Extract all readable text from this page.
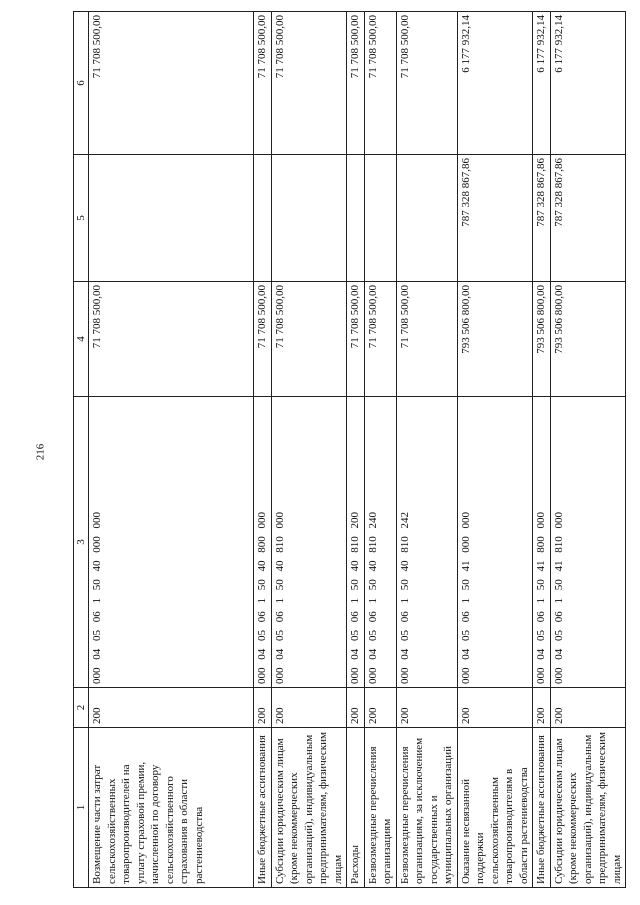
216
1	2	3	4	5	6
Возмещение части затрат сельскохозяйственных товаропроизводителей на уплату страховой премии, начисленной по договору сельскохозяйственного страхования в области растениеводства	200	000 04 05 06 1 50 40 000 000	71 708 500,00		71 708 500,00
Иные бюджетные ассигнования	200	000 04 05 06 1 50 40 800 000	71 708 500,00		71 708 500,00
Субсидии юридическим лицам (кроме некоммерческих организаций), индивидуальным предпринимателям, физическим лицам	200	000 04 05 06 1 50 40 810 000	71 708 500,00		71 708 500,00
Расходы	200	000 04 05 06 1 50 40 810 200	71 708 500,00		71 708 500,00
Безвозмездные перечисления организациям	200	000 04 05 06 1 50 40 810 240	71 708 500,00		71 708 500,00
Безвозмездные перечисления организациям, за исключением государственных и муниципальных организаций	200	000 04 05 06 1 50 40 810 242	71 708 500,00		71 708 500,00
Оказание несвязанной поддержки сельскохозяйственным товаропроизводителям в области растениеводства	200	000 04 05 06 1 50 41 000 000	793 506 800,00	787 328 867,86	6 177 932,14
Иные бюджетные ассигнования	200	000 04 05 06 1 50 41 800 000	793 506 800,00	787 328 867,86	6 177 932,14
Субсидии юридическим лицам (кроме некоммерческих организаций), индивидуальным предпринимателям, физическим лицам	200	000 04 05 06 1 50 41 810 000	793 506 800,00	787 328 867,86	6 177 932,14
